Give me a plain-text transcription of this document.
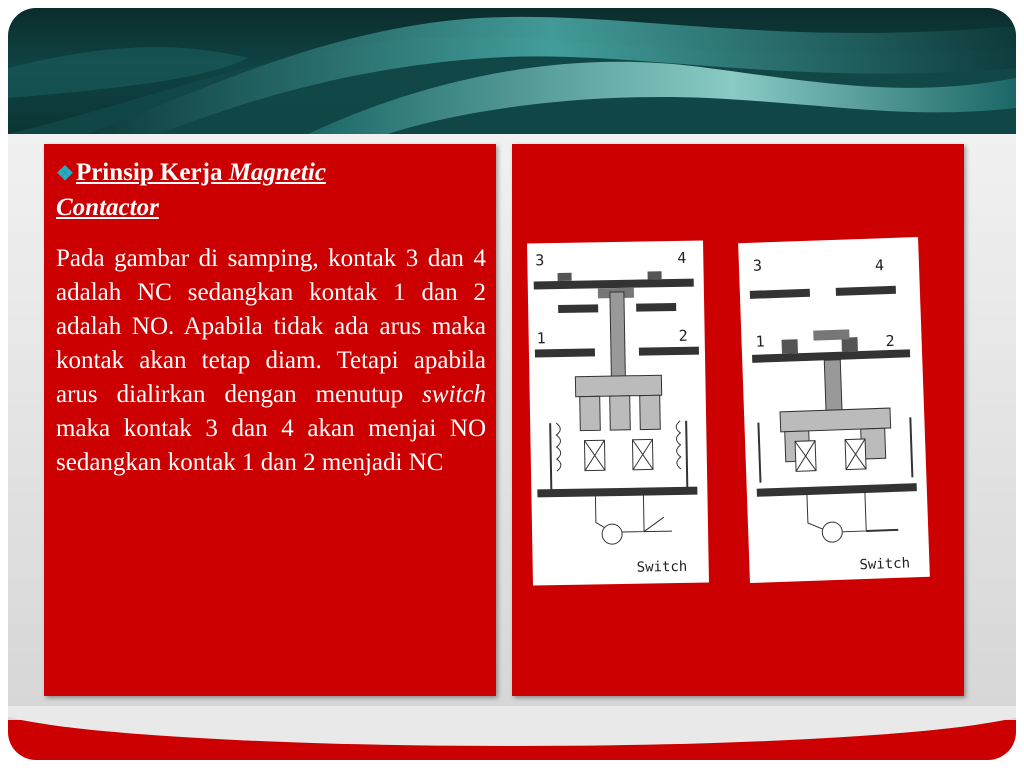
❖Prinsip Kerja Magnetic
Contactor
Pada gambar di samping, kontak 3 dan 4 adalah NC sedangkan kontak 1 dan 2 adalah NO. Apabila tidak ada arus maka kontak akan tetap diam. Tetapi apabila arus dialirkan dengan menutup switch maka kontak 3 dan 4 akan menjai NO sedangkan kontak 1 dan 2 menjadi NC
3	4
1	2
Switch
3	4
1	2
Switch
